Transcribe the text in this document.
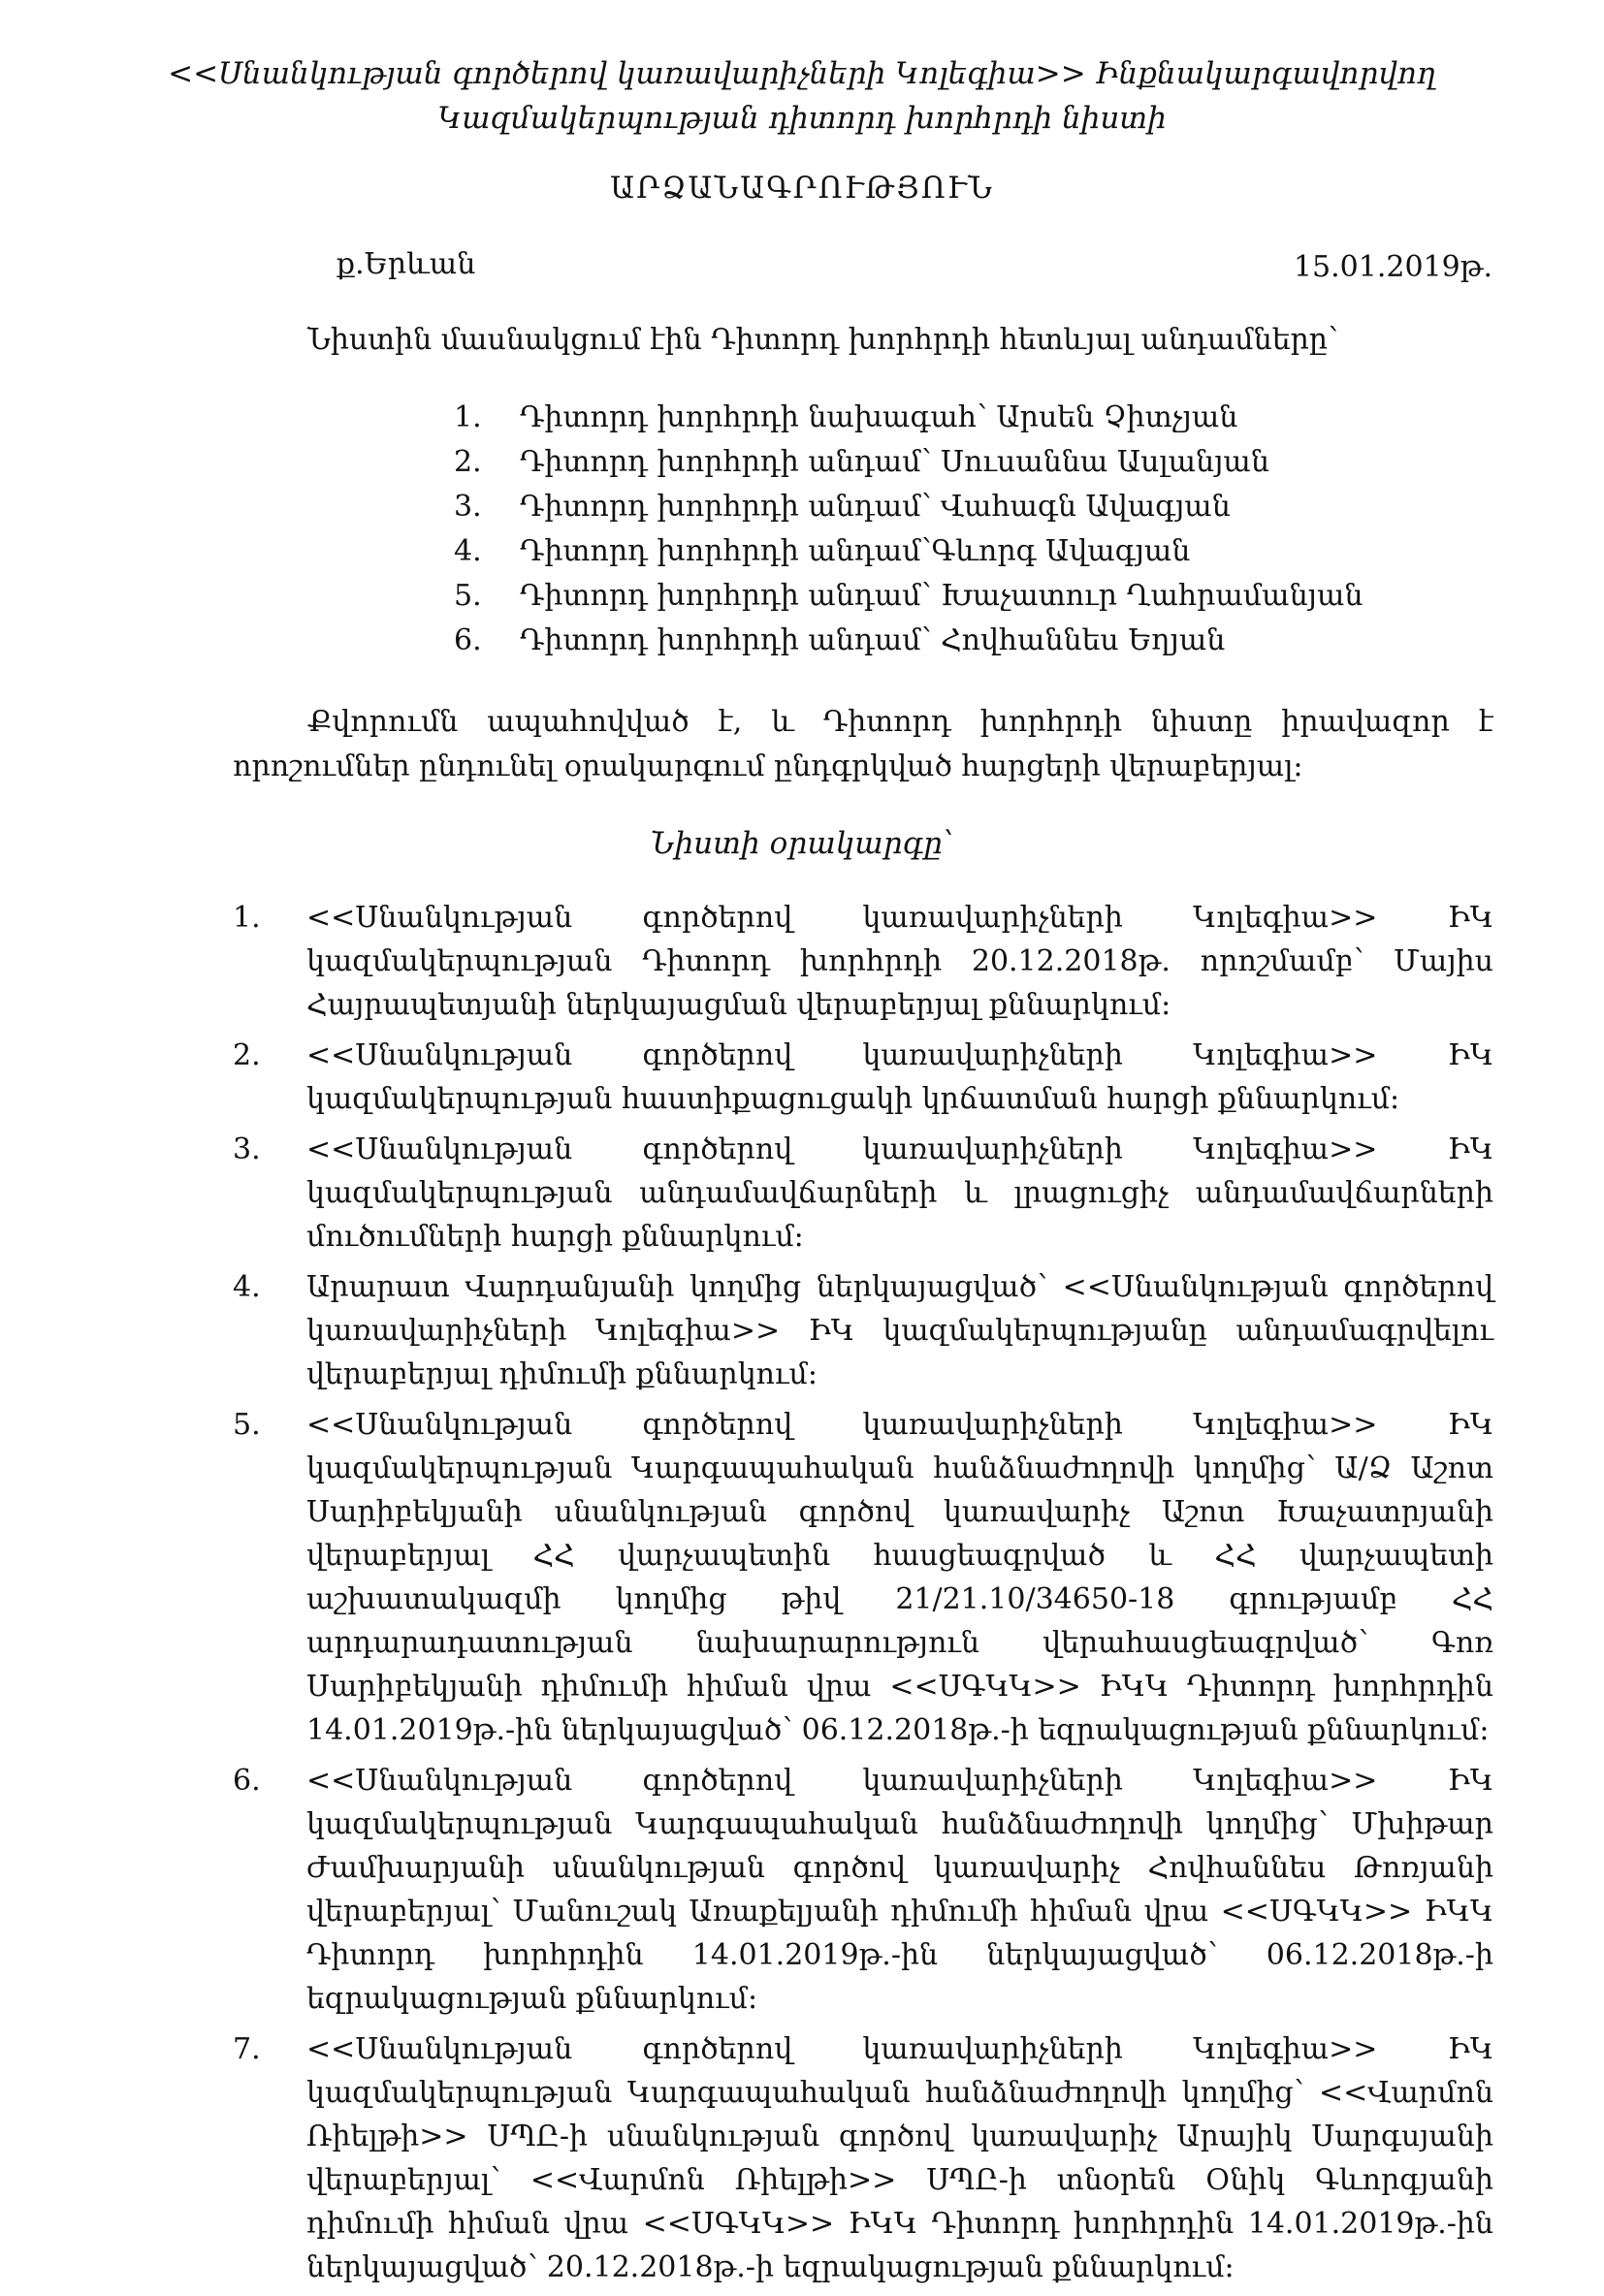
<<Սնանկության գործերով կառավարիչների Կոլեգիա>> Ինքնակարգավորվող
Կազմակերպության դիտորդ խորհրդի նիստի
ԱՐՁԱՆԱԳՐՈՒԹՅՈՒՆ
ք.Երևան	15.01.2019թ.
Նիստին մասնակցում էին Դիտորդ խորհրդի հետևյալ անդամները՝
1. Դիտորդ խորհրդի նախագահ՝ Արսեն Չիտչյան
2. Դիտորդ խորհրդի անդամ՝ Սուսաննա Ասլանյան
3. Դիտորդ խորհրդի անդամ՝ Վահագն Ավագյան
4. Դիտորդ խորհրդի անդամ՝Գևորգ Ավագյան
5. Դիտորդ խորհրդի անդամ՝ Խաչատուր Ղահրամանյան
6. Դիտորդ խորհրդի անդամ՝ Հովհաննես Եղյան
Քվորումն ապահովված է, և Դիտորդ խորհրդի նիստը իրավազոր է որոշումներ ընդունել օրակարգում ընդգրկված հարցերի վերաբերյալ:
Նիստի օրակարգը՝
1. <<Սնանկության գործերով կառավարիչների Կոլեգիա>> ԻԿ կազմակերպության Դիտորդ խորհրդի 20.12.2018թ. որոշմամբ՝ Մայիս Հայրապետյանի ներկայացման վերաբերյալ քննարկում:
2. <<Սնանկության գործերով կառավարիչների Կոլեգիա>> ԻԿ կազմակերպության հաստիքացուցակի կրճատման հարցի քննարկում:
3. <<Սնանկության գործերով կառավարիչների Կոլեգիա>> ԻԿ կազմակերպության անդամավճարների և լրացուցիչ անդամավճարների մուծումների հարցի քննարկում:
4. Արարատ Վարդանյանի կողմից ներկայացված՝ <<Սնանկության գործերով կառավարիչների Կոլեգիա>> ԻԿ կազմակերպությանը անդամագրվելու վերաբերյալ դիմումի քննարկում:
5. <<Սնանկության գործերով կառավարիչների Կոլեգիա>> ԻԿ կազմակերպության Կարգապահական հանձնաժողովի կողմից՝ Ա/Ձ Աշոտ Սարիբեկյանի սնանկության գործով կառավարիչ Աշոտ Խաչատրյանի վերաբերյալ ՀՀ վարչապետին հասցեագրված և ՀՀ վարչապետի աշխատակազմի կողմից թիվ 21/21.10/34650-18 գրությամբ ՀՀ արդարադատության նախարարություն վերահասցեագրված՝ Գոռ Սարիբեկյանի դիմումի հիման վրա <<ՍԳԿԿ>> ԻԿԿ Դիտորդ խորհրդին 14.01.2019թ.-ին ներկայացված՝ 06.12.2018թ.-ի եզրակացության քննարկում:
6. <<Սնանկության գործերով կառավարիչների Կոլեգիա>> ԻԿ կազմակերպության Կարգապահական հանձնաժողովի կողմից՝ Մխիթար Ժամխարյանի սնանկության գործով կառավարիչ Հովհաննես Թոռյանի վերաբերյալ՝ Մանուշակ Առաքելյանի դիմումի հիման վրա <<ՍԳԿԿ>> ԻԿԿ Դիտորդ խորհրդին 14.01.2019թ.-ին ներկայացված՝ 06.12.2018թ.-ի եզրակացության քննարկում:
7. <<Սնանկության գործերով կառավարիչների Կոլեգիա>> ԻԿ կազմակերպության Կարգապահական հանձնաժողովի կողմից՝ <<Վարմոն Ռիելթի>> ՍՊԸ-ի սնանկության գործով կառավարիչ Արայիկ Սարգսյանի վերաբերյալ՝ <<Վարմոն Ռիելթի>> ՍՊԸ-ի տնօրեն Օնիկ Գևորգյանի դիմումի հիման վրա <<ՍԳԿԿ>> ԻԿԿ Դիտորդ խորհրդին 14.01.2019թ.-ին ներկայացված՝ 20.12.2018թ.-ի եզրակացության քննարկում:
